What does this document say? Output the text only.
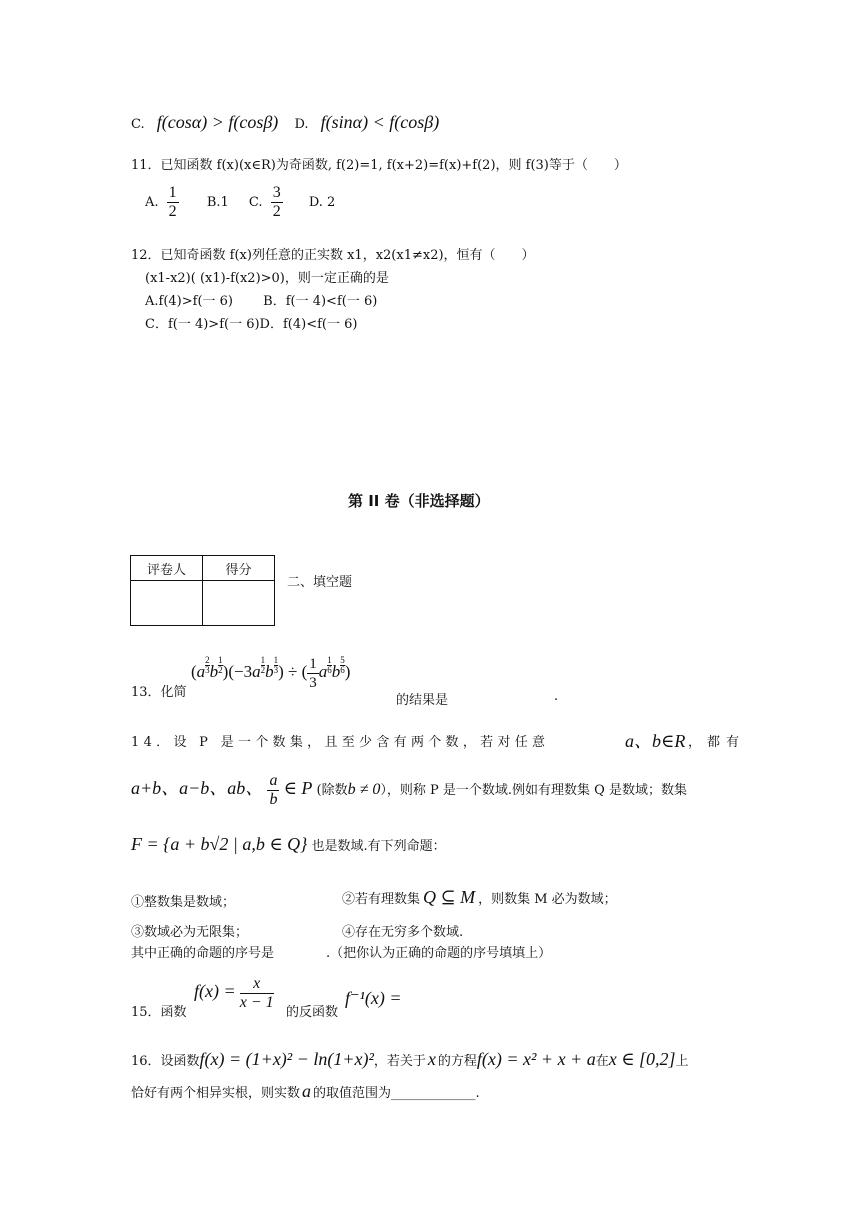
C. f(cosα) > f(cosβ) D. f(sinα) < f(cosβ)
11．已知函数 f(x)(x∈R)为奇函数, f(2)=1, f(x+2)=f(x)+f(2)，则 f(3)等于（　　）
A. $\frac{1}{2} B.1$ C. $\frac{3}{2} D$. 2
12．已知奇函数 f(x)列任意的正实数 x1，x2(x1≠x2)，恒有（　　）
(x1-x2)( (x1)-f(x2)>0)，则一定正确的是
A.f(4)>f(一 6) B．f(一 4)<f(一 6)
C．f(一 4)>f(一 6)D．f(4)<f(一 6)
第 II 卷（非选择题）
评卷人	得分

二、填空题
13．化简
(a $^{\frac{2}{3}}$ b $^{\frac{1}{2}}$ )(−3a $^{\frac{1}{2}}$ b $^{\frac{1}{3}}$ ) ÷ ( $\frac{1}{3}$ a $^{\frac{1}{6}}$ b $^{\frac{5}{6}}$ )
的结果是	.
14．设 P 是一个数集，且至少含有两个数，若对任意	a、b∈R ，都有
a+b、a−b、ab、 $\frac{a}{b}$ ∈ P (除数b ≠ 0），则称 P 是一个数域.例如有理数集 Q 是数域；数集
F = {a + b√2 | a,b ∈ Q} 也是数域.有下列命题：
①整数集是数域；	②若有理数集 Q ⊆ M ，则数集 M 必为数域；
③数域必为无限集；	④存在无穷多个数域.
其中正确的命题的序号是　　　　.（把你认为正确的命题的序号填填上）
15．函数
$f(x) = \frac{x}{x - 1}$
的反函数
f⁻¹(x) =
16．设函数f(x) = (1+x)² − ln(1+x)²，若关于 x 的方程f(x) = x² + x + a在x ∈ [0,2]上
恰好有两个相异实根，则实数 a 的取值范围为_____________.
